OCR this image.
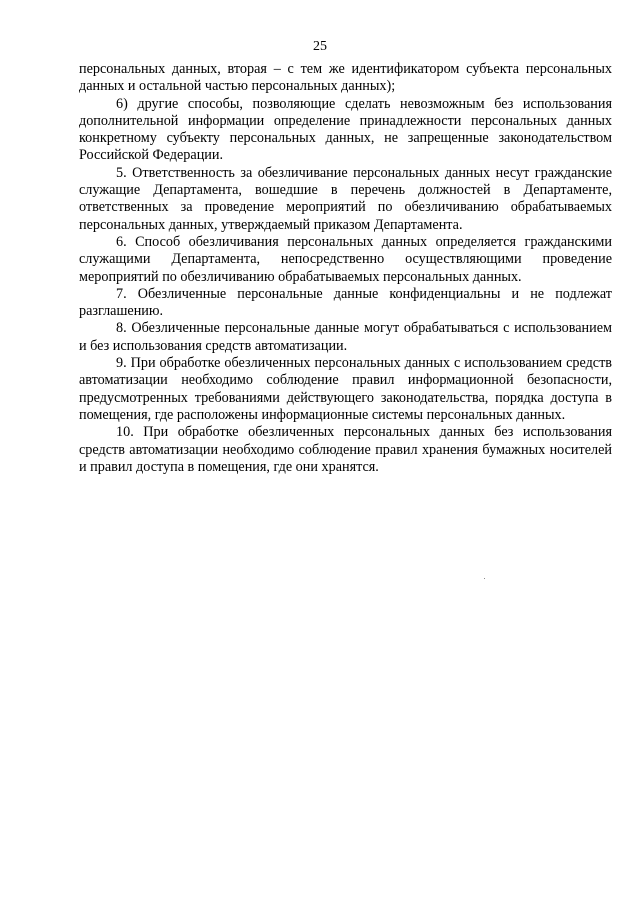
25

персональных данных, вторая – с тем же идентификатором субъекта персональных данных и остальной частью персональных данных);

6) другие способы, позволяющие сделать невозможным без использования дополнительной информации определение принадлежности персональных данных конкретному субъекту персональных данных, не запрещенные законодательством Российской Федерации.

5. Ответственность за обезличивание персональных данных несут гражданские служащие Департамента, вошедшие в перечень должностей в Департаменте, ответственных за проведение мероприятий по обезличиванию обрабатываемых персональных данных, утверждаемый приказом Департамента.

6. Способ обезличивания персональных данных определяется гражданскими служащими Департамента, непосредственно осуществляющими проведение мероприятий по обезличиванию обрабатываемых персональных данных.

7. Обезличенные персональные данные конфиденциальны и не подлежат разглашению.

8. Обезличенные персональные данные могут обрабатываться с использованием и без использования средств автоматизации.

9. При обработке обезличенных персональных данных с использованием средств автоматизации необходимо соблюдение правил информационной безопасности, предусмотренных требованиями действующего законодательства, порядка доступа в помещения, где расположены информационные системы персональных данных.

10. При обработке обезличенных персональных данных без использования средств автоматизации необходимо соблюдение правил хранения бумажных носителей и правил доступа в помещения, где они хранятся.
